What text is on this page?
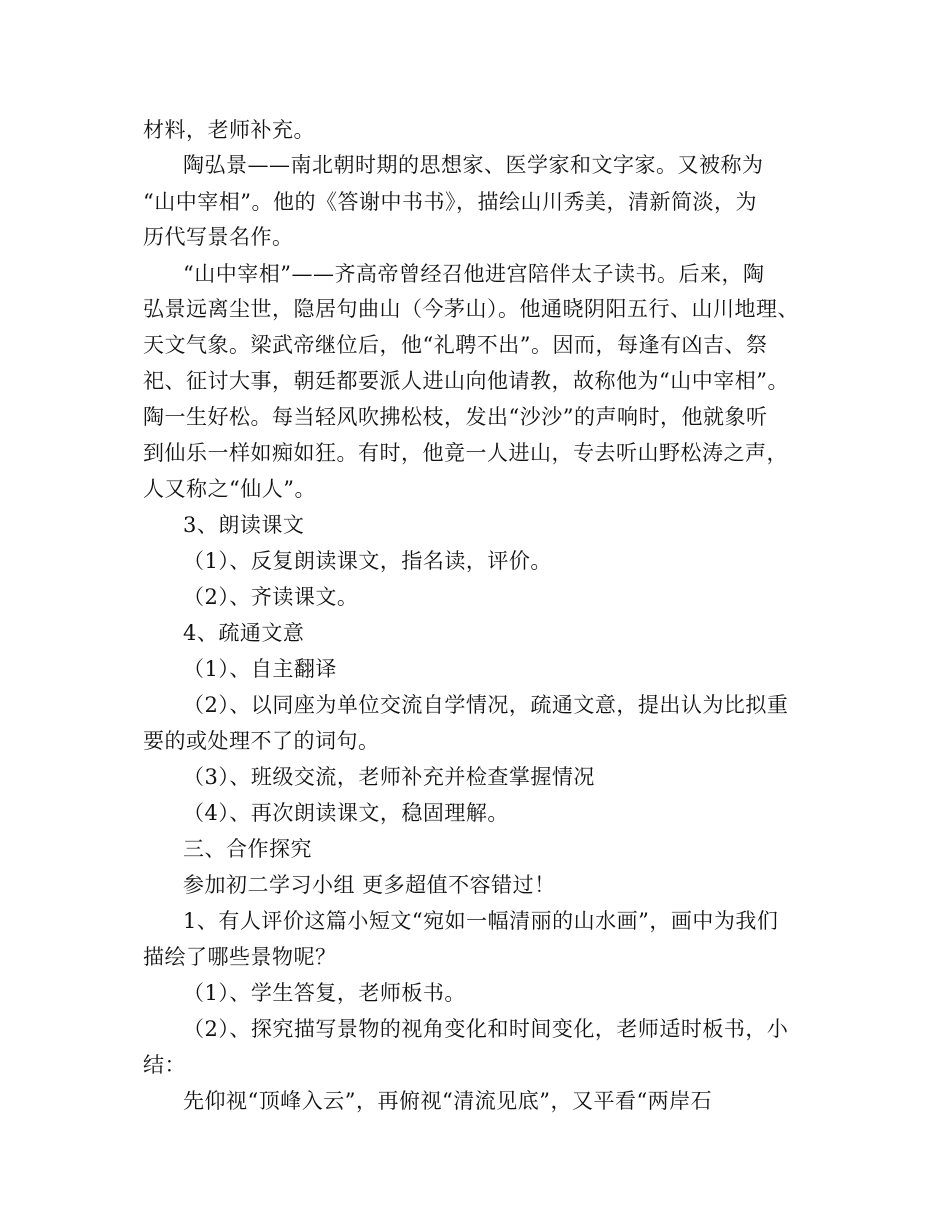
材料，老师补充。
陶弘景——南北朝时期的思想家、医学家和文字家。又被称为
“山中宰相”。他的《答谢中书书》，描绘山川秀美，清新简淡，为
历代写景名作。
“山中宰相”——齐高帝曾经召他进宫陪伴太子读书。后来，陶
弘景远离尘世，隐居句曲山（今茅山）。他通晓阴阳五行、山川地理、
天文气象。梁武帝继位后，他“礼聘不出”。因而，每逢有凶吉、祭
祀、征讨大事，朝廷都要派人进山向他请教，故称他为“山中宰相”。
陶一生好松。每当轻风吹拂松枝，发出“沙沙”的声响时，他就象听
到仙乐一样如痴如狂。有时，他竟一人进山，专去听山野松涛之声，
人又称之“仙人”。
3、朗读课文
（1）、反复朗读课文，指名读，评价。
（2）、齐读课文。
4、疏通文意
（1）、自主翻译
（2）、以同座为单位交流自学情况，疏通文意，提出认为比拟重
要的或处理不了的词句。
（3）、班级交流，老师补充并检查掌握情况
（4）、再次朗读课文，稳固理解。
三、合作探究
参加初二学习小组 更多超值不容错过！
1、有人评价这篇小短文“宛如一幅清丽的山水画”，画中为我们
描绘了哪些景物呢？
（1）、学生答复，老师板书。
（2）、探究描写景物的视角变化和时间变化，老师适时板书，小
结：
先仰视“顶峰入云”，再俯视“清流见底”，又平看“两岸石
